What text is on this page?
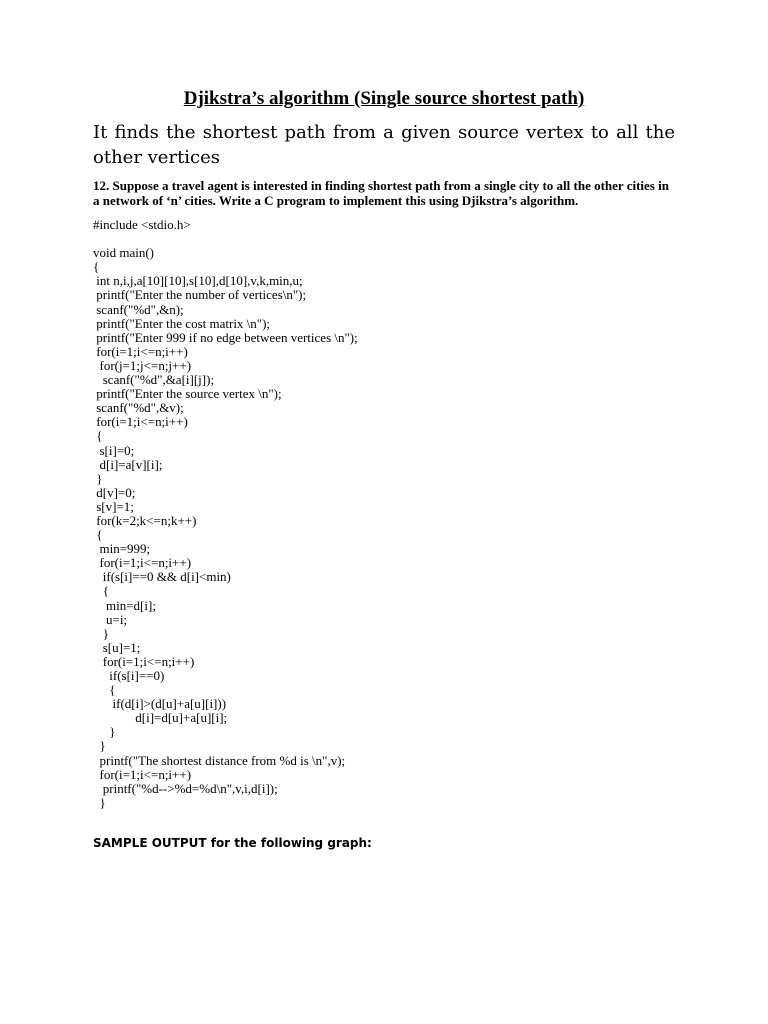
Djikstra’s algorithm (Single source shortest path)
It finds the shortest path from a given source vertex to all the other vertices
12. Suppose a travel agent is interested in finding shortest path from a single city to all the other cities in a network of ‘n’ cities. Write a C program to implement this using Djikstra’s algorithm.
#include <stdio.h>
void main()
{
int n,i,j,a[10][10],s[10],d[10],v,k,min,u;
printf("Enter the number of vertices\n");
scanf("%d",&n);
printf("Enter the cost matrix \n");
printf("Enter 999 if no edge between vertices \n");
for(i=1;i<=n;i++)
for(j=1;j<=n;j++)
scanf("%d",&a[i][j]);
printf("Enter the source vertex \n");
scanf("%d",&v);
for(i=1;i<=n;i++)
{
s[i]=0;
d[i]=a[v][i];
}
d[v]=0;
s[v]=1;
for(k=2;k<=n;k++)
{
min=999;
for(i=1;i<=n;i++)
if(s[i]==0 && d[i]<min)
{
min=d[i];
u=i;
}
s[u]=1;
for(i=1;i<=n;i++)
if(s[i]==0)
{
if(d[i]>(d[u]+a[u][i]))
d[i]=d[u]+a[u][i];
}
}
printf("The shortest distance from %d is \n",v);
for(i=1;i<=n;i++)
printf("%d-->%d=%d\n",v,i,d[i]);
}
SAMPLE OUTPUT for the following graph:
